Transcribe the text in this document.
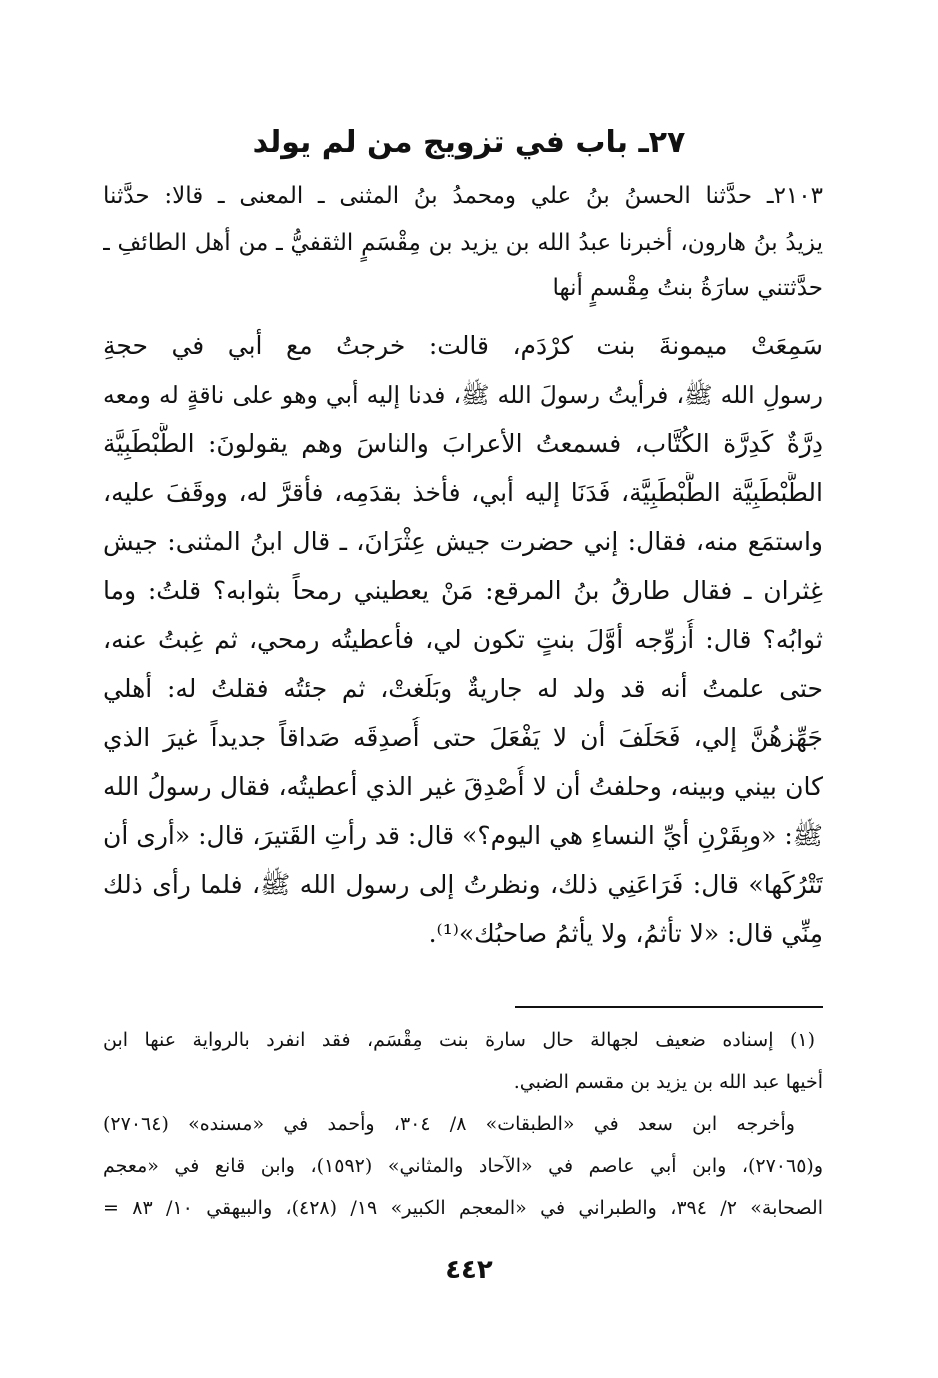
٢٧ـ باب في تزويج من لم يولد
٢١٠٣ـ حدَّثنا الحسنُ بنُ علي ومحمدُ بنُ المثنى ـ المعنى ـ قالا: حدَّثنا
يزيدُ بنُ هارون، أخبرنا عبدُ الله بن يزيد بن مِقْسَمٍ الثقفيُّ ـ من أهل الطائفِ ـ
حدَّثتني سارَةُ بنتُ مِقْسمٍ أنها
سَمِعَتْ ميمونةَ بنت كرْدَم، قالت: خرجتُ مع أبي في حجةِ
رسولِ الله ﷺ، فرأيتُ رسولَ الله ﷺ، فدنا إليه أبي وهو على ناقةٍ له ومعه
دِرَّةٌ كَدِرَّة الكُتَّاب، فسمعتُ الأعرابَ والناسَ وهم يقولونَ: الطَّبْطَبِيَّة
الطَّبْطَبِيَّة الطَّبْطَبِيَّة، فَدَنَا إليه أبي، فأخذ بقدَمِه، فأقرَّ له، ووقَفَ عليه،
واستمَع منه، فقال: إني حضرت جيش عِثْرَانَ، ـ قال ابنُ المثنى: جيش
غِثران ـ فقال طارقُ بنُ المرقع: مَنْ يعطيني رمحاً بثوابه؟ قلتُ: وما
ثوابُه؟ قال: أُزوِّجه أوَّلَ بنتٍ تكون لي، فأعطيتُه رمحي، ثم غِبتُ عنه،
حتى علمتُ أنه قد ولد له جاريةٌ وبَلَغتْ، ثم جئتُه فقلتُ له: أهلي
جَهِّزهُنَّ إلي، فَحَلَفَ أن لا يَفْعَلَ حتى أُصدِقَه صَداقاً جديداً غيرَ الذي
كان بيني وبينه، وحلفتُ أن لا أُصْدِقَ غير الذي أعطيتُه، فقال رسولُ الله
ﷺ: «وبِقَرْنِ أيِّ النساءِ هي اليوم؟» قال: قد رأتِ القَتيرَ، قال: «أرى أن
تَتْرُكَها» قال: فَرَاعَنِي ذلك، ونظرتُ إلى رسول الله ﷺ، فلما رأى ذلك
مِنِّي قال: «لا تأثمُ، ولا يأثمُ صاحبُك»⁽¹⁾.
(١) إسناده ضعيف لجهالة حال سارة بنت مِقْسَم، فقد انفرد بالرواية عنها ابن
أخيها عبد الله بن يزيد بن مقسم الضبي.
وأخرجه ابن سعد في «الطبقات» ٨/ ٣٠٤، وأحمد في «مسنده» (٢٧٠٦٤)
و(٢٧٠٦٥)، وابن أبي عاصم في «الآحاد والمثاني» (١٥٩٢)، وابن قانع في «معجم
الصحابة» ٢/ ٣٩٤، والطبراني في «المعجم الكبير» ١٩/ (٤٢٨)، والبيهقي ١٠/ ٨٣ =
٤٤٢
